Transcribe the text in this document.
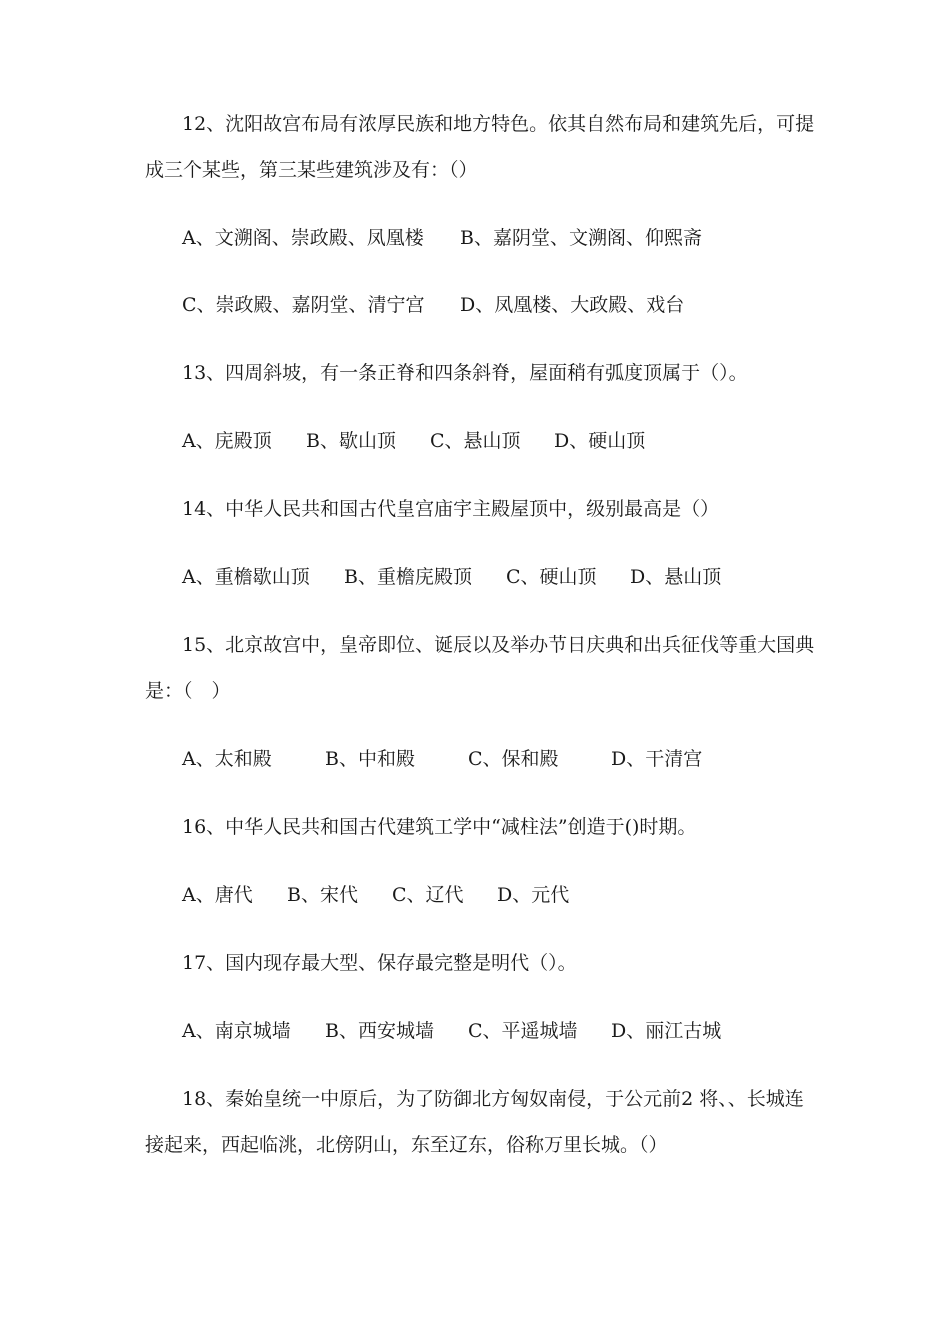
12、沈阳故宫布局有浓厚民族和地方特色。依其自然布局和建筑先后，可提
成三个某些，第三某些建筑涉及有：（）
A、文溯阁、崇政殿、凤凰楼 B、嘉阴堂、文溯阁、仰熙斋
C、崇政殿、嘉阴堂、清宁宫 D、凤凰楼、大政殿、戏台
13、四周斜坡，有一条正脊和四条斜脊，屋面稍有弧度顶属于（）。
A、庑殿顶 B、歇山顶 C、悬山顶 D、硬山顶
14、中华人民共和国古代皇宫庙宇主殿屋顶中，级别最高是（）
A、重檐歇山顶 B、重檐庑殿顶 C、硬山顶 D、悬山顶
15、北京故宫中，皇帝即位、诞辰以及举办节日庆典和出兵征伐等重大国典
是：（　）
A、太和殿	B、中和殿	C、保和殿	D、干清宫
16、中华人民共和国古代建筑工学中“减柱法”创造于()时期。
A、唐代 B、宋代 C、辽代 D、元代
17、国内现存最大型、保存最完整是明代（）。
A、南京城墙 B、西安城墙 C、平遥城墙 D、丽江古城
18、秦始皇统一中原后，为了防御北方匈奴南侵，于公元前2 将、、长城连
接起来，西起临洮，北傍阴山，东至辽东，俗称万里长城。（）
